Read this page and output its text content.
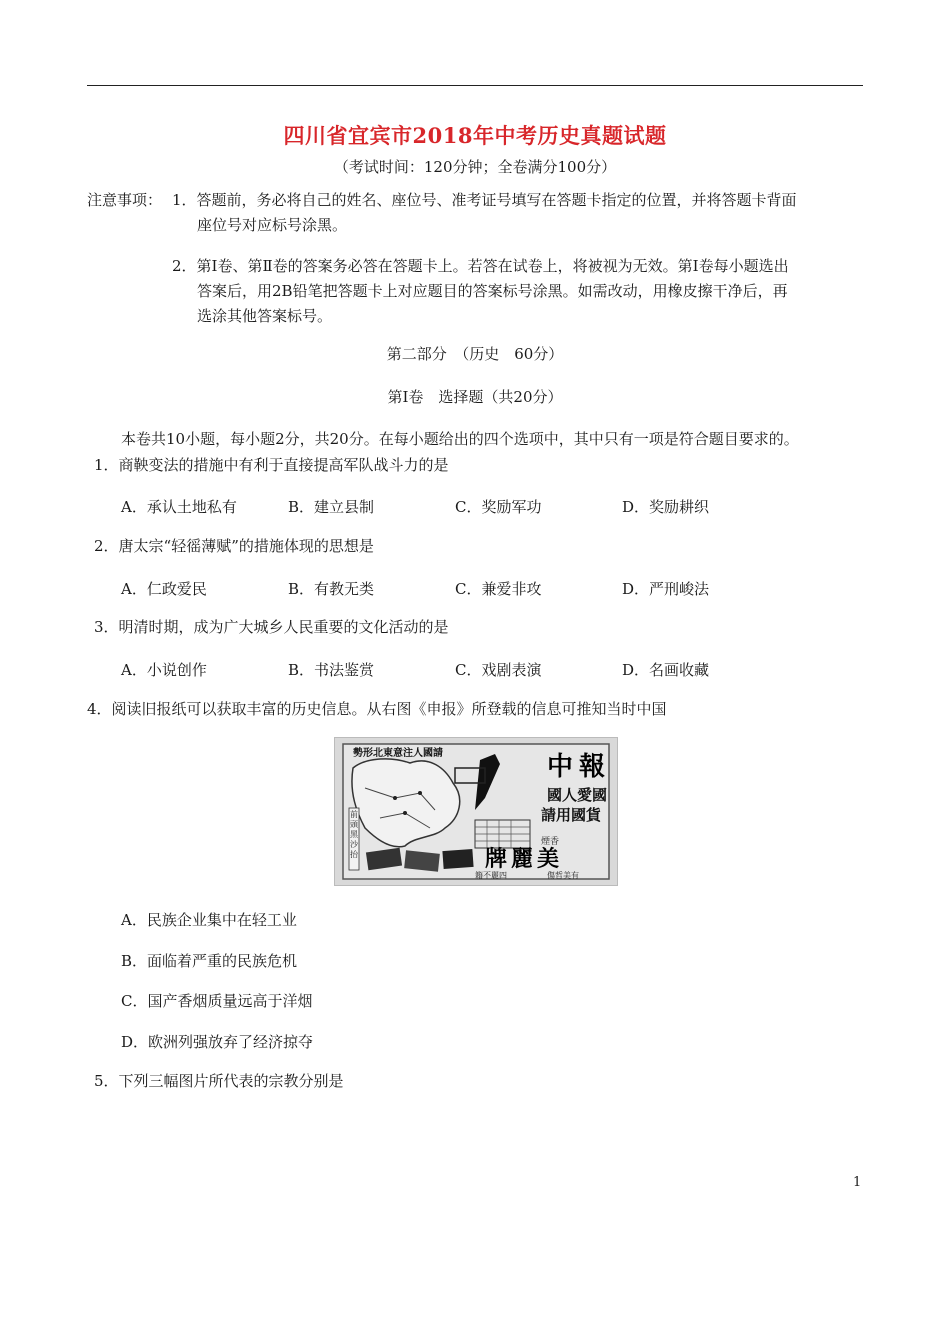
四川省宜宾市2018年中考历史真题试题
（考试时间：120分钟；全卷满分100分）
注意事项： 1．答题前，务必将自己的姓名、座位号、准考证号填写在答题卡指定的位置，并将答题卡背面
座位号对应标号涂黑。
2．第Ⅰ卷、第Ⅱ卷的答案务必答在答题卡上。若答在试卷上，将被视为无效。第Ⅰ卷每小题选出
答案后，用2B铅笔把答题卡上对应题目的答案标号涂黑。如需改动，用橡皮擦干净后，再
选涂其他答案标号。
第二部分　（历史　60分）
第Ⅰ卷　选择题（共20分）
本卷共10小题，每小题2分，共20分。在每小题给出的四个选项中，其中只有一项是符合题目要求的。
1．商鞅变法的措施中有利于直接提高军队战斗力的是
A．承认土地私有	B．建立县制	C．奖励军功	D．奖励耕织
2．唐太宗“轻徭薄赋”的措施体现的思想是
A．仁政爱民	B．有教无类	C．兼爱非攻	D．严刑峻法
3．明清时期，成为广大城乡人民重要的文化活动的是
A．小说创作	B．书法鉴赏	C．戏剧表演	D．名画收藏
4．阅读旧报纸可以获取丰富的历史信息。从右图《申报》所登载的信息可推知当时中国
勢形北東意注人國請	中報
國人愛國
請用國貨
牌麗美
煙香
籍不麗四	傷哲美有
前頭黑沙抬
A．民族企业集中在轻工业
B．面临着严重的民族危机
C．国产香烟质量远高于洋烟
D．欧洲列强放弃了经济掠夺
5．下列三幅图片所代表的宗教分别是
1
